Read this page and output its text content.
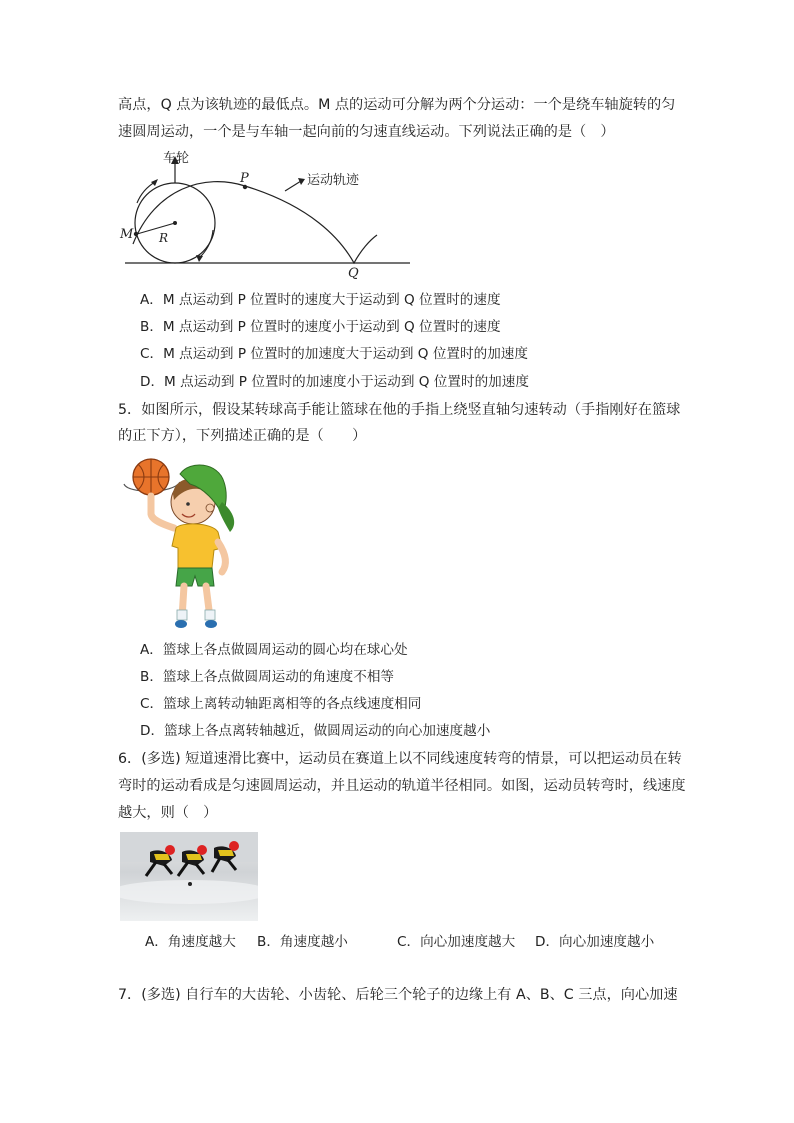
高点，Q 点为该轨迹的最低点。M 点的运动可分解为两个分运动：一个是绕车轴旋转的匀
速圆周运动，一个是与车轴一起向前的匀速直线运动。下列说法正确的是（　）
车轮
运动轨迹
P
Q
M R
A．M 点运动到 P 位置时的速度大于运动到 Q 位置时的速度
B．M 点运动到 P 位置时的速度小于运动到 Q 位置时的速度
C．M 点运动到 P 位置时的加速度大于运动到 Q 位置时的加速度
D．M 点运动到 P 位置时的加速度小于运动到 Q 位置时的加速度
5．如图所示，假设某转球高手能让篮球在他的手指上绕竖直轴匀速转动（手指刚好在篮球
的正下方），下列描述正确的是（　　）
A．篮球上各点做圆周运动的圆心均在球心处
B．篮球上各点做圆周运动的角速度不相等
C．篮球上离转动轴距离相等的各点线速度相同
D．篮球上各点离转轴越近，做圆周运动的向心加速度越小
6．(多选) 短道速滑比赛中，运动员在赛道上以不同线速度转弯的情景，可以把运动员在转
弯时的运动看成是匀速圆周运动，并且运动的轨道半径相同。如图，运动员转弯时，线速度
越大，则（　）
A．角速度越大 B．角速度越小	C．向心加速度越大 D．向心加速度越小
7．(多选) 自行车的大齿轮、小齿轮、后轮三个轮子的边缘上有 A、B、C 三点，向心加速
